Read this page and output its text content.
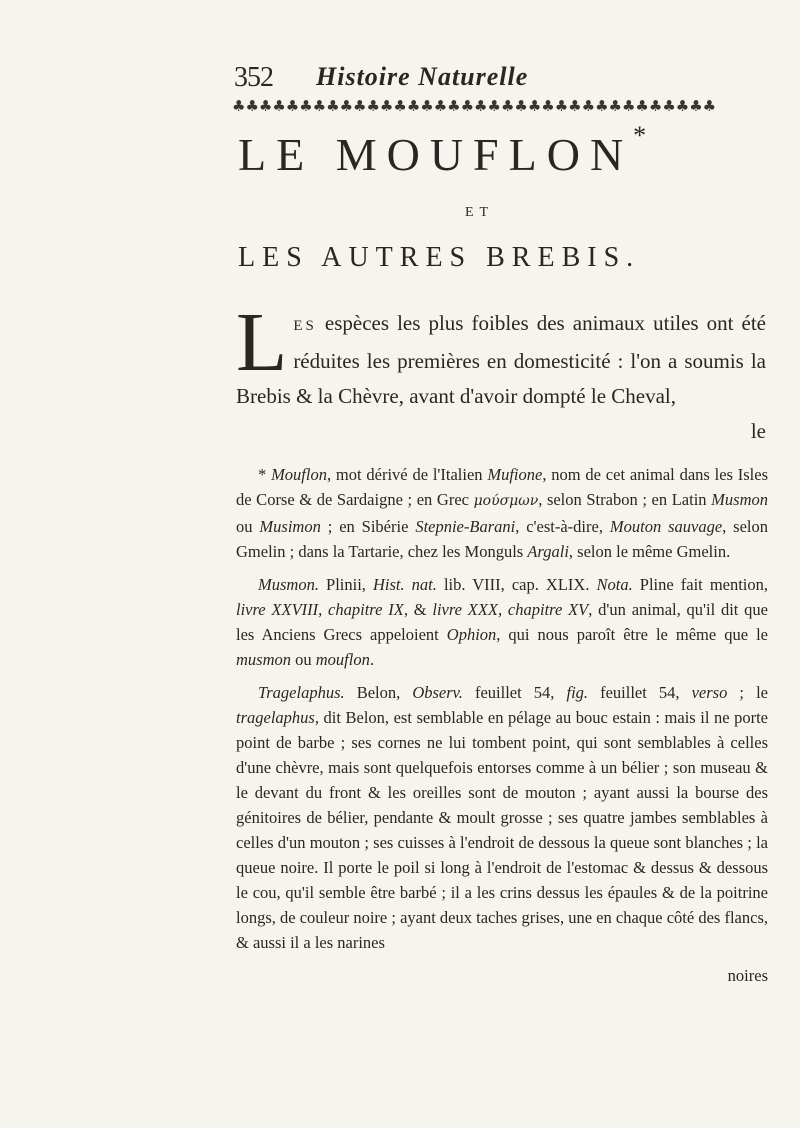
352 Histoire Naturelle
♣♣♣♣♣♣♣♣♣♣♣♣♣♣♣♣♣♣♣♣♣♣♣♣♣♣♣♣♣♣♣♣♣♣♣♣
LE MOUFLON*
ET
LES AUTRES BREBIS.
LES espèces les plus foibles des animaux utiles ont été réduites les premières en domesticité : l'on a soumis la Brebis & la Chèvre, avant d'avoir dompté le Cheval,
le

* Mouflon, mot dérivé de l'Italien Mufione, nom de cet animal dans les Isles de Corse & de Sardaigne ; en Grec μούσμων, selon Strabon ; en Latin Musmon ou Musimon ; en Sibérie Stepnie-Barani, c'est-à-dire, Mouton sauvage, selon Gmelin ; dans la Tartarie, chez les Monguls Argali, selon le même Gmelin.

Musmon. Plinii, Hist. nat. lib. VIII, cap. XLIX. Nota. Pline fait mention, livre XXVIII, chapitre IX, & livre XXX, chapitre XV, d'un animal, qu'il dit que les Anciens Grecs appeloient Ophion, qui nous paroît être le même que le musmon ou mouflon.

Tragelaphus. Belon, Observ. feuillet 54, fig. feuillet 54, verso ; le tragelaphus, dit Belon, est semblable en pélage au bouc estain : mais il ne porte point de barbe ; ses cornes ne lui tombent point, qui sont semblables à celles d'une chèvre, mais sont quelquefois entorses comme à un bélier ; son museau & le devant du front & les oreilles sont de mouton ; ayant aussi la bourse des génitoires de bélier, pendante & moult grosse ; ses quatre jambes semblables à celles d'un mouton ; ses cuisses à l'endroit de dessous la queue sont blanches ; la queue noire. Il porte le poil si long à l'endroit de l'estomac & dessus & dessous le cou, qu'il semble être barbé ; il a les crins dessus les épaules & de la poitrine longs, de couleur noire ; ayant deux taches grises, une en chaque côté des flancs, & aussi il a les narines

noires
